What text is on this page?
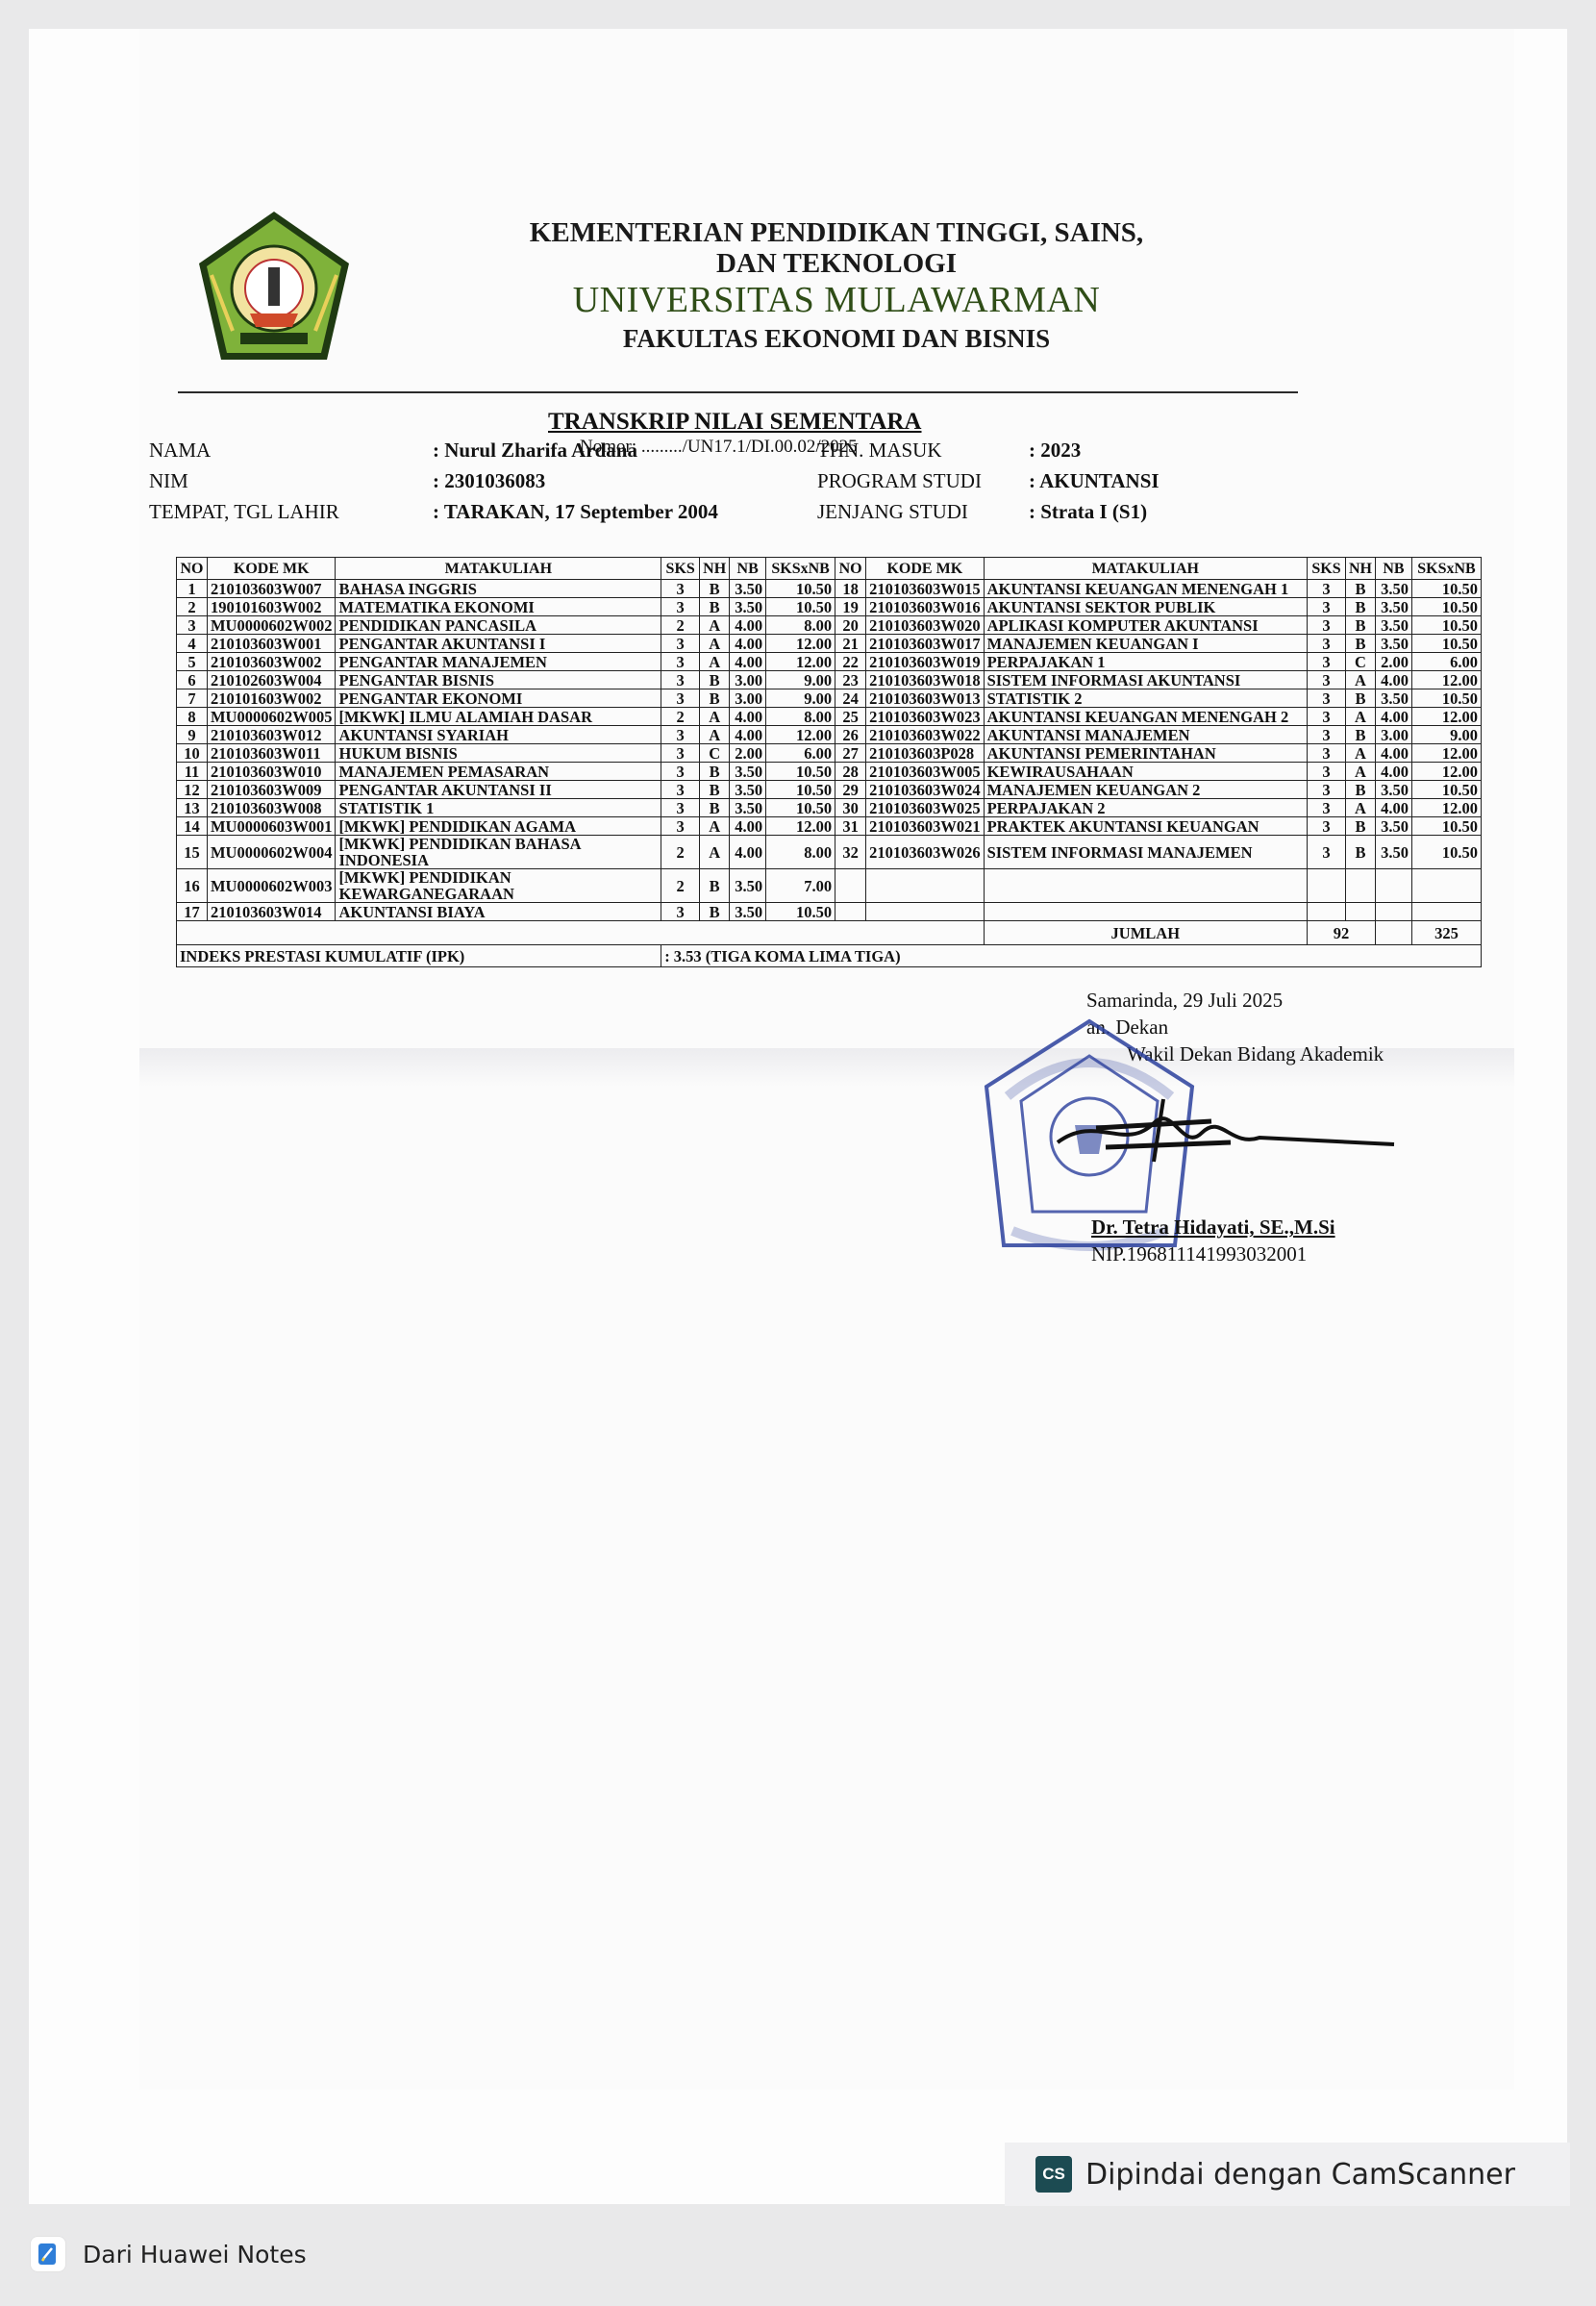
KEMENTERIAN PENDIDIKAN TINGGI, SAINS,
DAN TEKNOLOGI
UNIVERSITAS MULAWARMAN
FAKULTAS EKONOMI DAN BISNIS
TRANSKRIP NILAI SEMENTARA
Nomor: ........./UN17.1/DI.00.02/2025
NAMA	: Nurul Zharifa Ardana
NIM	: 2301036083
TEMPAT, TGL LAHIR	: TARAKAN, 17 September 2004
THN. MASUK	: 2023
PROGRAM STUDI : AKUNTANSI
JENJANG STUDI	: Strata I (S1)
NO	KODE MK	MATAKULIAH	SKS	NH	NB	SKSxNB	NO	KODE MK	MATAKULIAH	SKS	NH	NB	SKSxNB
1	210103603W007	BAHASA INGGRIS	3	B	3.50	10.50	18	210103603W015	AKUNTANSI KEUANGAN MENENGAH 1	3	B	3.50	10.50
2	190101603W002	MATEMATIKA EKONOMI	3	B	3.50	10.50	19	210103603W016	AKUNTANSI SEKTOR PUBLIK	3	B	3.50	10.50
3	MU0000602W002	PENDIDIKAN PANCASILA	2	A	4.00	8.00	20	210103603W020	APLIKASI KOMPUTER AKUNTANSI	3	B	3.50	10.50
4	210103603W001	PENGANTAR AKUNTANSI I	3	A	4.00	12.00	21	210103603W017	MANAJEMEN KEUANGAN I	3	B	3.50	10.50
5	210103603W002	PENGANTAR MANAJEMEN	3	A	4.00	12.00	22	210103603W019	PERPAJAKAN 1	3	C	2.00	6.00
6	210102603W004	PENGANTAR BISNIS	3	B	3.00	9.00	23	210103603W018	SISTEM INFORMASI AKUNTANSI	3	A	4.00	12.00
7	210101603W002	PENGANTAR EKONOMI	3	B	3.00	9.00	24	210103603W013	STATISTIK 2	3	B	3.50	10.50
8	MU0000602W005	[MKWK] ILMU ALAMIAH DASAR	2	A	4.00	8.00	25	210103603W023	AKUNTANSI KEUANGAN MENENGAH 2	3	A	4.00	12.00
9	210103603W012	AKUNTANSI SYARIAH	3	A	4.00	12.00	26	210103603W022	AKUNTANSI MANAJEMEN	3	B	3.00	9.00
10	210103603W011	HUKUM BISNIS	3	C	2.00	6.00	27	210103603P028	AKUNTANSI PEMERINTAHAN	3	A	4.00	12.00
11	210103603W010	MANAJEMEN PEMASARAN	3	B	3.50	10.50	28	210103603W005	KEWIRAUSAHAAN	3	A	4.00	12.00
12	210103603W009	PENGANTAR AKUNTANSI II	3	B	3.50	10.50	29	210103603W024	MANAJEMEN KEUANGAN 2	3	B	3.50	10.50
13	210103603W008	STATISTIK 1	3	B	3.50	10.50	30	210103603W025	PERPAJAKAN 2	3	A	4.00	12.00
14	MU0000603W001	[MKWK] PENDIDIKAN AGAMA	3	A	4.00	12.00	31	210103603W021	PRAKTEK AKUNTANSI KEUANGAN	3	B	3.50	10.50
15	MU0000602W004	[MKWK] PENDIDIKAN BAHASA INDONESIA	2	A	4.00	8.00	32	210103603W026	SISTEM INFORMASI MANAJEMEN	3	B	3.50	10.50
16	MU0000602W003	[MKWK] PENDIDIKAN KEWARGANEGARAAN	2	B	3.50	7.00							
17	210103603W014	AKUNTANSI BIAYA	3	B	3.50	10.50							
									JUMLAH	92			325
INDEKS PRESTASI KUMULATIF (IPK)			: 3.53 (TIGA KOMA LIMA TIGA)										
Samarinda, 29 Juli 2025
an. Dekan
Wakil Dekan Bidang Akademik
Dr. Tetra Hidayati, SE.,M.Si
NIP.196811141993032001
CS Dipindai dengan CamScanner
Dari Huawei Notes
